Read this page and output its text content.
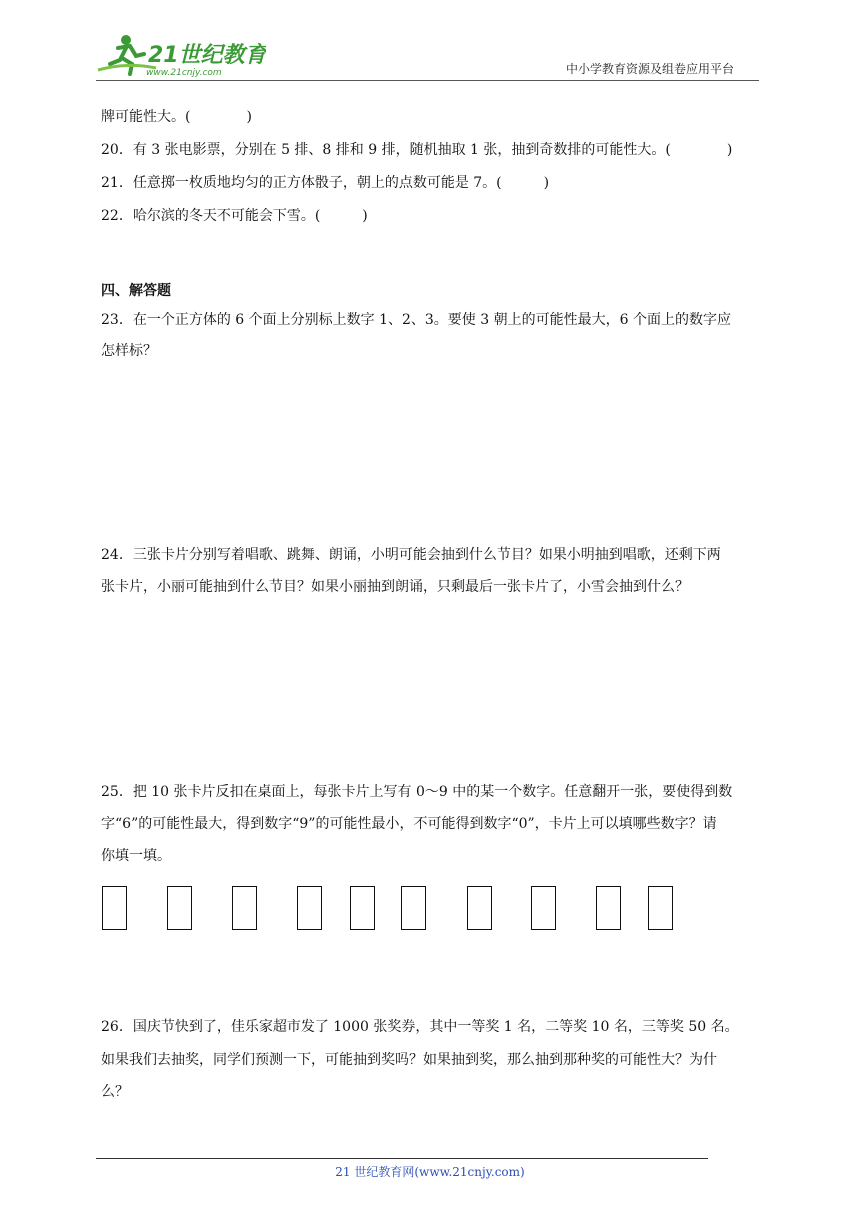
21世纪教育
www.21cnjy.com	中小学教育资源及组卷应用平台
牌可能性大。(　　　　)
20．有 3 张电影票，分别在 5 排、8 排和 9 排，随机抽取 1 张，抽到奇数排的可能性大。(　　　　)
21．任意掷一枚质地均匀的正方体骰子，朝上的点数可能是 7。(　　　)
22．哈尔滨的冬天不可能会下雪。(　　　)
四、解答题
23．在一个正方体的 6 个面上分别标上数字 1、2、3。要使 3 朝上的可能性最大，6 个面上的数字应
怎样标？
24．三张卡片分别写着唱歌、跳舞、朗诵，小明可能会抽到什么节目？如果小明抽到唱歌，还剩下两
张卡片，小丽可能抽到什么节目？如果小丽抽到朗诵，只剩最后一张卡片了，小雪会抽到什么？
25．把 10 张卡片反扣在桌面上，每张卡片上写有 0～9 中的某一个数字。任意翻开一张，要使得到数
字“6”的可能性最大，得到数字“9”的可能性最小，不可能得到数字“0”，卡片上可以填哪些数字？请
你填一填。
26．国庆节快到了，佳乐家超市发了 1000 张奖券，其中一等奖 1 名，二等奖 10 名，三等奖 50 名。
如果我们去抽奖，同学们预测一下，可能抽到奖吗？如果抽到奖，那么抽到那种奖的可能性大？为什
么？
21 世纪教育网(www.21cnjy.com)
